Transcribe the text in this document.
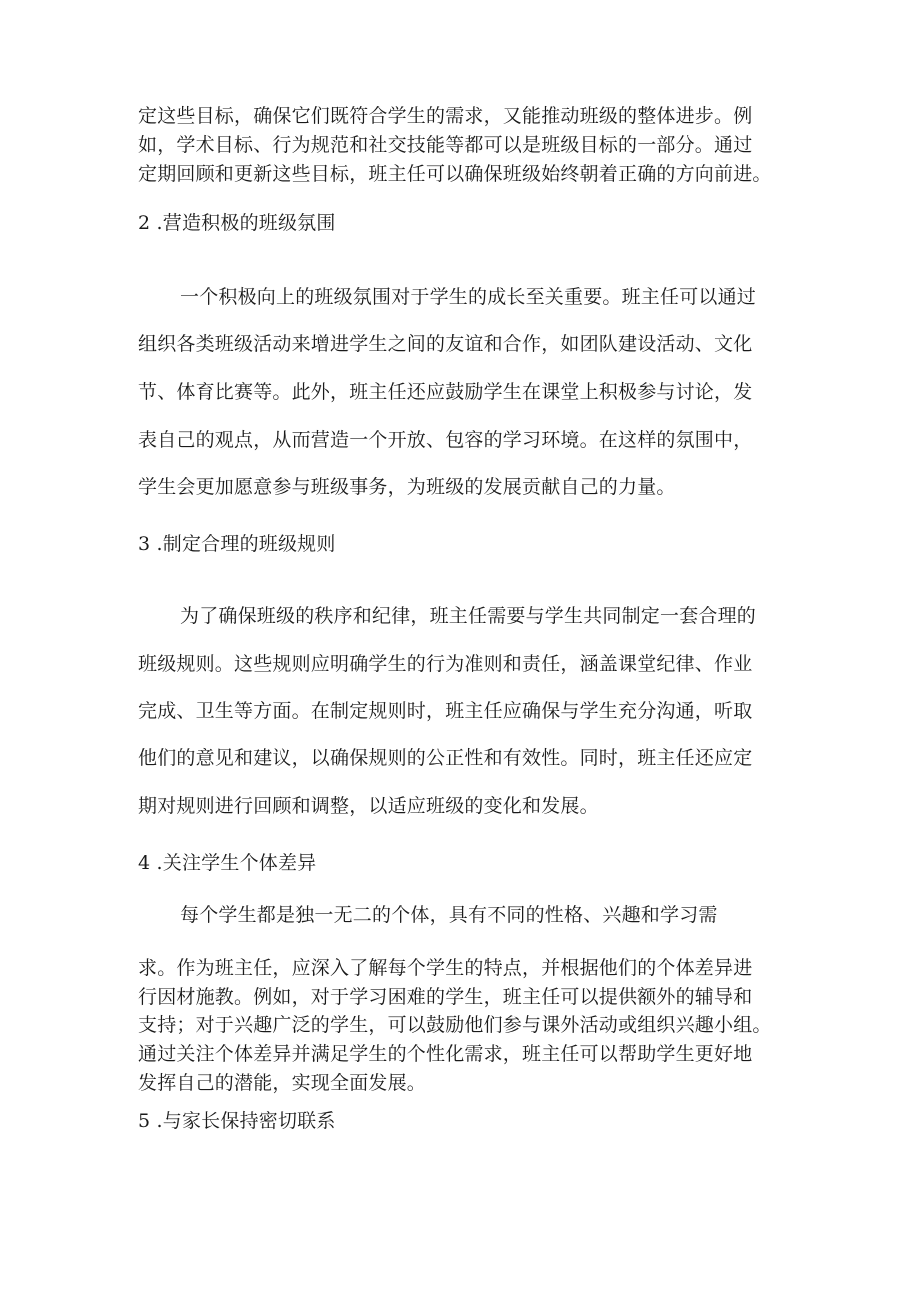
定这些目标，确保它们既符合学生的需求，又能推动班级的整体进步。例
如，学术目标、行为规范和社交技能等都可以是班级目标的一部分。通过
定期回顾和更新这些目标，班主任可以确保班级始终朝着正确的方向前进。
2 .营造积极的班级氛围
一个积极向上的班级氛围对于学生的成长至关重要。班主任可以通过
组织各类班级活动来增进学生之间的友谊和合作，如团队建设活动、文化
节、体育比赛等。此外，班主任还应鼓励学生在课堂上积极参与讨论，发
表自己的观点，从而营造一个开放、包容的学习环境。在这样的氛围中，
学生会更加愿意参与班级事务，为班级的发展贡献自己的力量。
3 .制定合理的班级规则
为了确保班级的秩序和纪律，班主任需要与学生共同制定一套合理的
班级规则。这些规则应明确学生的行为准则和责任，涵盖课堂纪律、作业
完成、卫生等方面。在制定规则时，班主任应确保与学生充分沟通，听取
他们的意见和建议，以确保规则的公正性和有效性。同时，班主任还应定
期对规则进行回顾和调整，以适应班级的变化和发展。
4 .关注学生个体差异
每个学生都是独一无二的个体，具有不同的性格、兴趣和学习需
求。作为班主任，应深入了解每个学生的特点，并根据他们的个体差异进
行因材施教。例如，对于学习困难的学生，班主任可以提供额外的辅导和
支持；对于兴趣广泛的学生，可以鼓励他们参与课外活动或组织兴趣小组。
通过关注个体差异并满足学生的个性化需求，班主任可以帮助学生更好地
发挥自己的潜能，实现全面发展。
5 .与家长保持密切联系
